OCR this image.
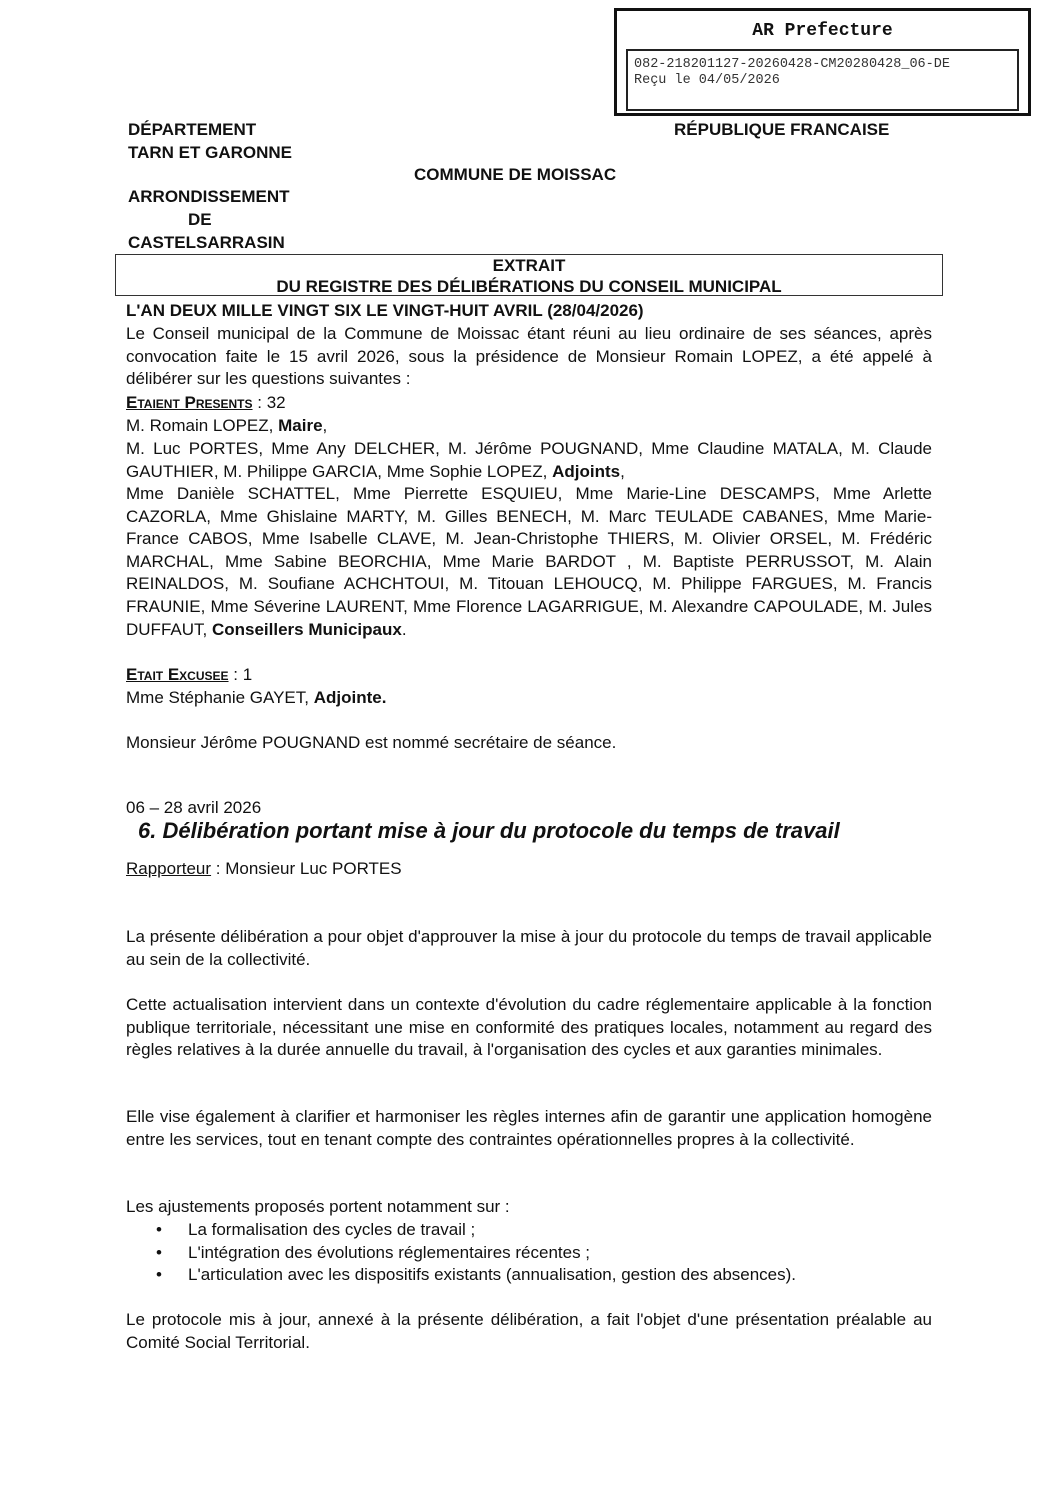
AR Prefecture
082-218201127-20260428-CM20280428_06-DE
Reçu le 04/05/2026
DÉPARTEMENT
TARN ET GARONNE
RÉPUBLIQUE FRANCAISE
COMMUNE DE MOISSAC
ARRONDISSEMENT
DE
CASTELSARRASIN
EXTRAIT
DU REGISTRE DES DÉLIBÉRATIONS DU CONSEIL MUNICIPAL
L'AN DEUX MILLE VINGT SIX LE VINGT-HUIT AVRIL (28/04/2026)
Le Conseil municipal de la Commune de Moissac étant réuni au lieu ordinaire de ses séances, après convocation faite le 15 avril 2026, sous la présidence de Monsieur Romain LOPEZ, a été appelé à délibérer sur les questions suivantes :
Etaient Presents : 32
M. Romain LOPEZ, Maire,
M. Luc PORTES, Mme Any DELCHER, M. Jérôme POUGNAND, Mme Claudine MATALA, M. Claude GAUTHIER, M. Philippe GARCIA, Mme Sophie LOPEZ, Adjoints,
Mme Danièle SCHATTEL, Mme Pierrette ESQUIEU, Mme Marie-Line DESCAMPS, Mme Arlette CAZORLA, Mme Ghislaine MARTY, M. Gilles BENECH, M. Marc TEULADE CABANES, Mme Marie-France CABOS, Mme Isabelle CLAVE, M. Jean-Christophe THIERS, M. Olivier ORSEL, M. Frédéric MARCHAL, Mme Sabine BEORCHIA, Mme Marie BARDOT , M. Baptiste PERRUSSOT, M. Alain REINALDOS, M. Soufiane ACHCHTOUI, M. Titouan LEHOUCQ, M. Philippe FARGUES, M. Francis FRAUNIE, Mme Séverine LAURENT, Mme Florence LAGARRIGUE, M. Alexandre CAPOULADE, M. Jules DUFFAUT, Conseillers Municipaux.
Etait Excusee : 1
Mme Stéphanie GAYET, Adjointe.
Monsieur Jérôme POUGNAND est nommé secrétaire de séance.
06 – 28 avril 2026
6. Délibération portant mise à jour du protocole du temps de travail
Rapporteur : Monsieur Luc PORTES
La présente délibération a pour objet d'approuver la mise à jour du protocole du temps de travail applicable au sein de la collectivité.
Cette actualisation intervient dans un contexte d'évolution du cadre réglementaire applicable à la fonction publique territoriale, nécessitant une mise en conformité des pratiques locales, notamment au regard des règles relatives à la durée annuelle du travail, à l'organisation des cycles et aux garanties minimales.
Elle vise également à clarifier et harmoniser les règles internes afin de garantir une application homogène entre les services, tout en tenant compte des contraintes opérationnelles propres à la collectivité.
Les ajustements proposés portent notamment sur :
• La formalisation des cycles de travail ;
• L'intégration des évolutions réglementaires récentes ;
• L'articulation avec les dispositifs existants (annualisation, gestion des absences).
Le protocole mis à jour, annexé à la présente délibération, a fait l'objet d'une présentation préalable au Comité Social Territorial.
